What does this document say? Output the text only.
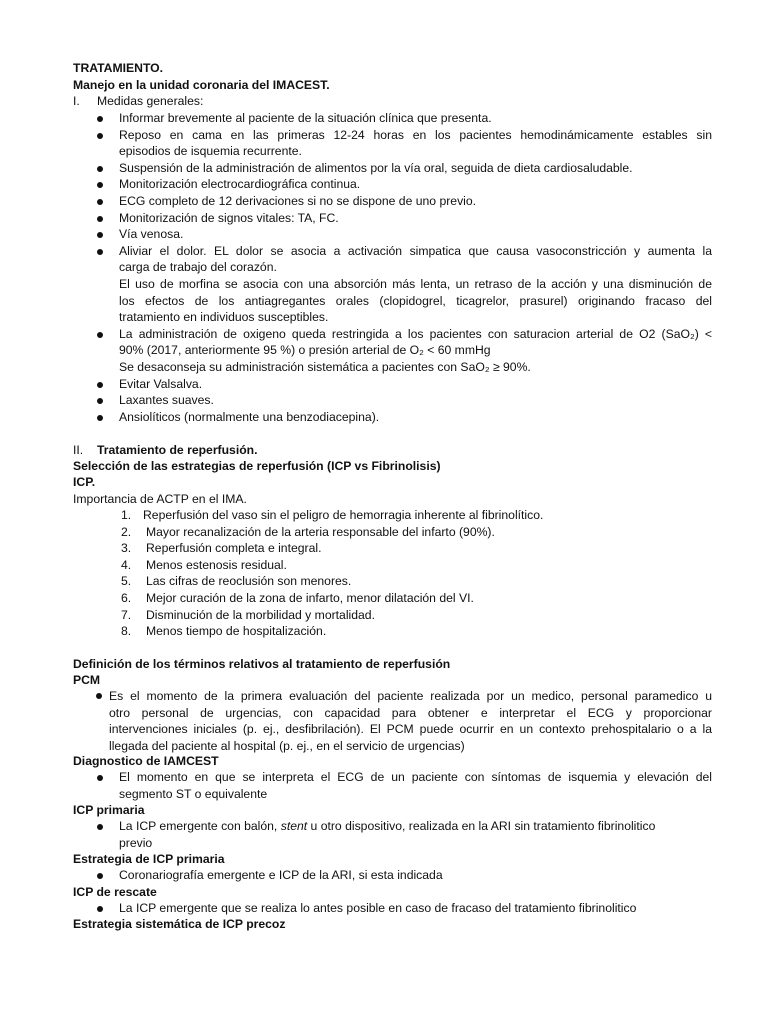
TRATAMIENTO.
Manejo en la unidad coronaria del IMACEST.
I. Medidas generales:
Informar brevemente al paciente de la situación clínica que presenta.
Reposo en cama en las primeras 12-24 horas en los pacientes hemodinámicamente estables sin
episodios de isquemia recurrente.
Suspensión de la administración de alimentos por la vía oral, seguida de dieta cardiosaludable.
Monitorización electrocardiográfica continua.
ECG completo de 12 derivaciones si no se dispone de uno previo.
Monitorización de signos vitales: TA, FC.
Vía venosa.
Aliviar el dolor. EL dolor se asocia a activación simpatica que causa vasoconstricción y aumenta la
carga de trabajo del corazón.
El uso de morfina se asocia con una absorción más lenta, un retraso de la acción y una disminución de
los efectos de los antiagregantes orales (clopidogrel, ticagrelor, prasurel) originando fracaso del
tratamiento en individuos susceptibles.
La administración de oxigeno queda restringida a los pacientes con saturacion arterial de O2 (SaO₂) <
90% (2017, anteriormente 95 %) o presión arterial de O₂ < 60 mmHg
Se desaconseja su administración sistemática a pacientes con SaO₂ ≥ 90%.
Evitar Valsalva.
Laxantes suaves.
Ansiolíticos (normalmente una benzodiacepina).
II. Tratamiento de reperfusión.
Selección de las estrategias de reperfusión (ICP vs Fibrinolisis)
ICP.
Importancia de ACTP en el IMA.
1. Reperfusión del vaso sin el peligro de hemorragia inherente al fibrinolítico.
2. Mayor recanalización de la arteria responsable del infarto (90%).
3. Reperfusión completa e integral.
4. Menos estenosis residual.
5. Las cifras de reoclusión son menores.
6. Mejor curación de la zona de infarto, menor dilatación del VI.
7. Disminución de la morbilidad y mortalidad.
8. Menos tiempo de hospitalización.
Definición de los términos relativos al tratamiento de reperfusión
PCM
Es el momento de la primera evaluación del paciente realizada por un medico, personal paramedico u
otro personal de urgencias, con capacidad para obtener e interpretar el ECG y proporcionar
intervenciones iniciales (p. ej., desfibrilación). El PCM puede ocurrir en un contexto prehospitalario o a la
llegada del paciente al hospital (p. ej., en el servicio de urgencias)
Diagnostico de IAMCEST
El momento en que se interpreta el ECG de un paciente con síntomas de isquemia y elevación del
segmento ST o equivalente
ICP primaria
La ICP emergente con balón, stent u otro dispositivo, realizada en la ARI sin tratamiento fibrinolitico
previo
Estrategia de ICP primaria
Coronariografía emergente e ICP de la ARI, si esta indicada
ICP de rescate
La ICP emergente que se realiza lo antes posible en caso de fracaso del tratamiento fibrinolitico
Estrategia sistemática de ICP precoz
